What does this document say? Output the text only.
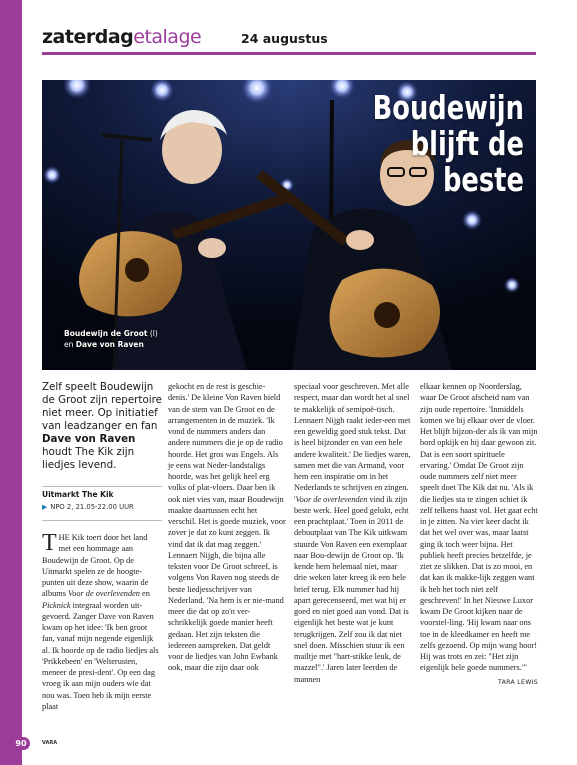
zaterdagetalage	24 augustus
Boudewijn
blijft de
beste
Boudewijn de Groot (l)
en Dave von Raven
Zelf speelt Boudewijn de Groot zijn repertoire niet meer. Op initiatief van leadzanger en fan Dave von Raven houdt The Kik zijn liedjes levend.
Uitmarkt The Kik
▶ NPO 2, 21.05-22.00 UUR

THE Kik toert door het land met een hommage aan Boudewijn de Groot. Op de Uitmarkt spelen ze de hoogte-punten uit deze show, waarin de albums Voor de overlevenden en Picknick integraal worden uit-gevoerd. Zanger Dave von Raven kwam op het idee: 'Ik ben groot fan, vanaf mijn negende eigenlijk al. Ik hoorde op de radio liedjes als 'Prikkebeen' en 'Welterusten, meneer de presi-dent'. Op een dag vroeg ik aan mijn ouders wie dat nou was. Toen heb ik mijn eerste plaat

gekocht en de rest is geschie-denis.' De kleine Von Raven hield van de stem van De Groot en de arrangementen in de muziek. 'Ik vond de nummers anders dan andere nummers die je op de radio hoorde. Het gros was Engels. Als je eens wat Neder-landstaligs hoorde, was het gelijk heel erg volks of plat-vloers. Daar ben ik ook niet vies van, maar Boudewijn maakte daartussen echt het verschil. Het is goede muziek, voor zover je dat zo kunt zeggen. Ik vind dat ik dat mag zeggen.' Lennaert Nijgh, die bijna alle teksten voor De Groot schreef, is volgens Von Raven nog steeds de beste liedjesschrijver van Nederland. 'Na hem is er nie-mand meer die dat op zo'n ver-schrikkelijk goede manier heeft gedaan. Het zijn teksten die iedereen aanspreken. Dat geldt voor de liedjes van John Ewbank ook, maar die zijn daar ook

speciaal voor geschreven. Met alle respect, maar dan wordt het al snel te makkelijk of semipoë-tisch. Lennaert Nijgh raakt ieder-een met een geweldig goed stuk tekst. Dat is heel bijzonder en van een hele andere kwaliteit.' De liedjes waren, samen met die van Armand, voor hem een inspiratie om in het Nederlands te schrijven en zingen. 'Voor de overlevenden vind ik zijn beste werk. Heel goed gelukt, echt een prachtplaat.' Toen in 2011 de debuutplaat van The Kik uitkwam stuurde Von Raven een exemplaar naar Bou-dewijn de Groot op. 'Ik kende hem helemaal niet, maar drie weken later kreeg ik een hele brief terug. Elk nummer had hij apart gerecenseerd, met wat hij er goed en niet goed aan vond. Dat is eigenlijk het beste wat je kunt terugkrijgen. Zelf zou ik dat niet snel doen. Misschien stuur ik een mailtje met "hart-stikke leuk, de mazzel".' Jaren later leerden de mannen

elkaar kennen op Noorderslag, waar De Groot afscheid nam van zijn oude repertoire. 'Inmiddels komen we bij elkaar over de vloer. Het blijft bijzon-der als ik van mijn bord opkijk en hij daar gewoon zit. Dat is een soort spirituele ervaring.' Omdat De Groot zijn oude nummers zelf niet meer speelt doet The Kik dat nu. 'Als ik die liedjes sta te zingen schiet ik zelf telkens haast vol. Het gaat echt in je zitten. Na vier keer dacht ik dat het wel over was, maar laatst ging ik toch weer bijna. Het publiek heeft precies hetzelfde, je ziet ze slikken. Dat is zo mooi, en dat kan ik makke-lijk zeggen want ik heb het toch niet zelf geschreven!' In het Nieuwe Luxor kwam De Groot kijken naar de voorstel-ling. 'Hij kwam naar ons toe in de kleedkamer en heeft me zelfs gezoend. Op mijn wang hoor! Hij was trots en zei: "Het zijn eigenlijk hele goede nummers."'

TARA LEWIS
90	VARA
